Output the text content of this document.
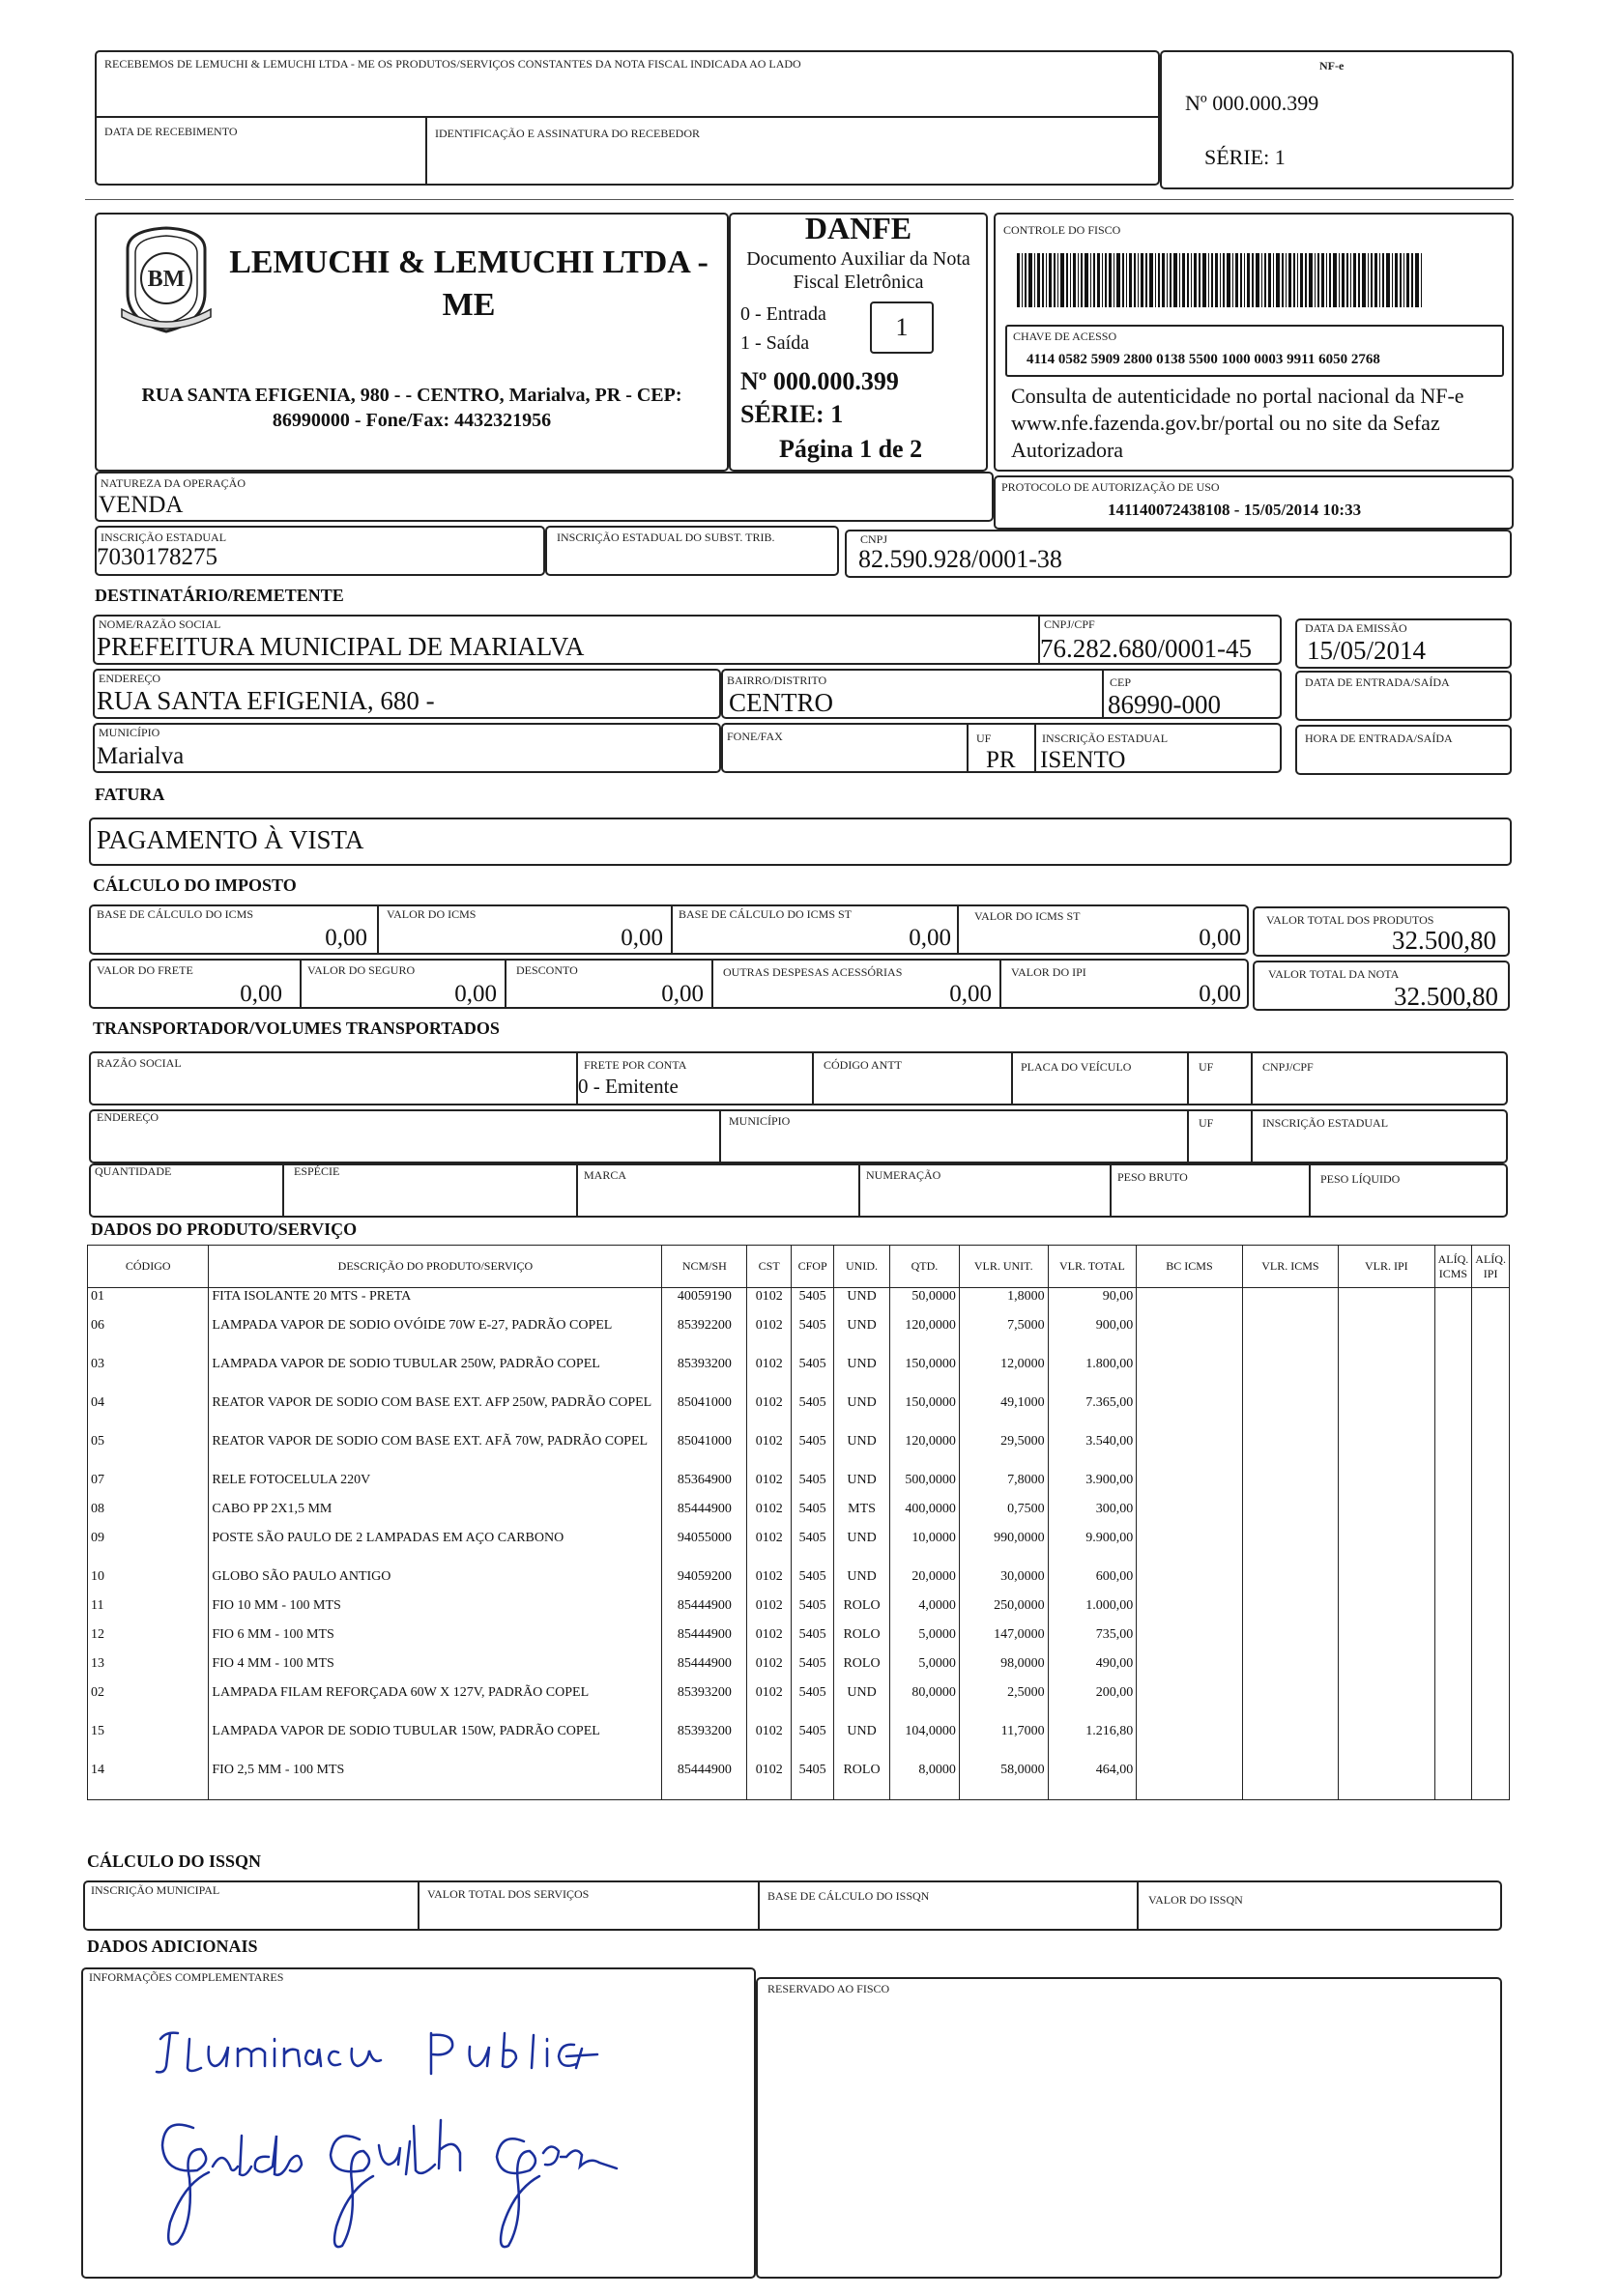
RECEBEMOS DE LEMUCHI & LEMUCHI LTDA - ME OS PRODUTOS/SERVIÇOS CONSTANTES DA NOTA FISCAL INDICADA AO LADO
DATA DE RECEBIMENTO	IDENTIFICAÇÃO E ASSINATURA DO RECEBEDOR
NF-e
Nº 000.000.399
SÉRIE: 1
BM LEMUCHI & LEMUCHI LTDA - ME
RUA SANTA EFIGENIA, 980 - - CENTRO, Marialva, PR - CEP: 86990000 - Fone/Fax: 4432321956
DANFE
Documento Auxiliar da Nota Fiscal Eletrônica
0 - Entrada
1 - Saída
1
Nº 000.000.399
SÉRIE: 1
Página 1 de 2
CONTROLE DO FISCO
CHAVE DE ACESSO
4114 0582 5909 2800 0138 5500 1000 0003 9911 6050 2768
Consulta de autenticidade no portal nacional da NF-e www.nfe.fazenda.gov.br/portal ou no site da Sefaz Autorizadora
NATUREZA DA OPERAÇÃO
VENDA
PROTOCOLO DE AUTORIZAÇÃO DE USO
141140072438108 - 15/05/2014 10:33
INSCRIÇÃO ESTADUAL
7030178275
INSCRIÇÃO ESTADUAL DO SUBST. TRIB.	CNPJ
82.590.928/0001-38
DESTINATÁRIO/REMETENTE
NOME/RAZÃO SOCIAL
PREFEITURA MUNICIPAL DE MARIALVA
CNPJ/CPF
76.282.680/0001-45
DATA DA EMISSÃO
15/05/2014
ENDEREÇO
RUA SANTA EFIGENIA, 680 -
BAIRRO/DISTRITO
CENTRO
CEP
86990-000
DATA DE ENTRADA/SAÍDA
MUNICÍPIO
Marialva
FONE/FAX	UF
PR
INSCRIÇÃO ESTADUAL
ISENTO
HORA DE ENTRADA/SAÍDA
FATURA
PAGAMENTO À VISTA
CÁLCULO DO IMPOSTO
BASE DE CÁLCULO DO ICMS
0,00
VALOR DO ICMS
0,00
BASE DE CÁLCULO DO ICMS ST
0,00
VALOR DO ICMS ST
0,00
VALOR TOTAL DOS PRODUTOS
32.500,80
VALOR DO FRETE
0,00
VALOR DO SEGURO
0,00
DESCONTO
0,00
OUTRAS DESPESAS ACESSÓRIAS
0,00
VALOR DO IPI
0,00
VALOR TOTAL DA NOTA
32.500,80
TRANSPORTADOR/VOLUMES TRANSPORTADOS
RAZÃO SOCIAL	FRETE POR CONTA
0 - Emitente
CÓDIGO ANTT	PLACA DO VEÍCULO	UF	CNPJ/CPF
ENDEREÇO	MUNICÍPIO	UF	INSCRIÇÃO ESTADUAL
QUANTIDADE	ESPÉCIE	MARCA	NUMERAÇÃO	PESO BRUTO	PESO LÍQUIDO
DADOS DO PRODUTO/SERVIÇO
CÓDIGO	DESCRIÇÃO DO PRODUTO/SERVIÇO	NCM/SH	CST	CFOP	UNID.	QTD.	VLR. UNIT.	VLR. TOTAL	BC ICMS	VLR. ICMS	VLR. IPI	ALÍQ. ICMS	ALÍQ. IPI
01	FITA ISOLANTE 20 MTS - PRETA	40059190	0102	5405	UND	50,0000	1,8000	90,00					
06	LAMPADA VAPOR DE SODIO OVÓIDE 70W E-27, PADRÃO COPEL	85392200	0102	5405	UND	120,0000	7,5000	900,00					
03	LAMPADA VAPOR DE SODIO TUBULAR 250W, PADRÃO COPEL	85393200	0102	5405	UND	150,0000	12,0000	1.800,00					
04	REATOR VAPOR DE SODIO COM BASE EXT. AFP 250W, PADRÃO COPEL	85041000	0102	5405	UND	150,0000	49,1000	7.365,00					
05	REATOR VAPOR DE SODIO COM BASE EXT. AFÃ 70W, PADRÃO COPEL	85041000	0102	5405	UND	120,0000	29,5000	3.540,00					
07	RELE FOTOCELULA 220V	85364900	0102	5405	UND	500,0000	7,8000	3.900,00					
08	CABO PP 2X1,5 MM	85444900	0102	5405	MTS	400,0000	0,7500	300,00					
09	POSTE SÃO PAULO DE 2 LAMPADAS EM AÇO CARBONO	94055000	0102	5405	UND	10,0000	990,0000	9.900,00					
10	GLOBO SÃO PAULO ANTIGO	94059200	0102	5405	UND	20,0000	30,0000	600,00					
11	FIO 10 MM - 100 MTS	85444900	0102	5405	ROLO	4,0000	250,0000	1.000,00					
12	FIO 6 MM - 100 MTS	85444900	0102	5405	ROLO	5,0000	147,0000	735,00					
13	FIO 4 MM - 100 MTS	85444900	0102	5405	ROLO	5,0000	98,0000	490,00					
02	LAMPADA FILAM REFORÇADA 60W X 127V, PADRÃO COPEL	85393200	0102	5405	UND	80,0000	2,5000	200,00					
15	LAMPADA VAPOR DE SODIO TUBULAR 150W, PADRÃO COPEL	85393200	0102	5405	UND	104,0000	11,7000	1.216,80					
14	FIO 2,5 MM - 100 MTS	85444900	0102	5405	ROLO	8,0000	58,0000	464,00					

CÁLCULO DO ISSQN
INSCRIÇÃO MUNICIPAL	VALOR TOTAL DOS SERVIÇOS	BASE DE CÁLCULO DO ISSQN	VALOR DO ISSQN
DADOS ADICIONAIS
INFORMAÇÕES COMPLEMENTARES
RESERVADO AO FISCO
